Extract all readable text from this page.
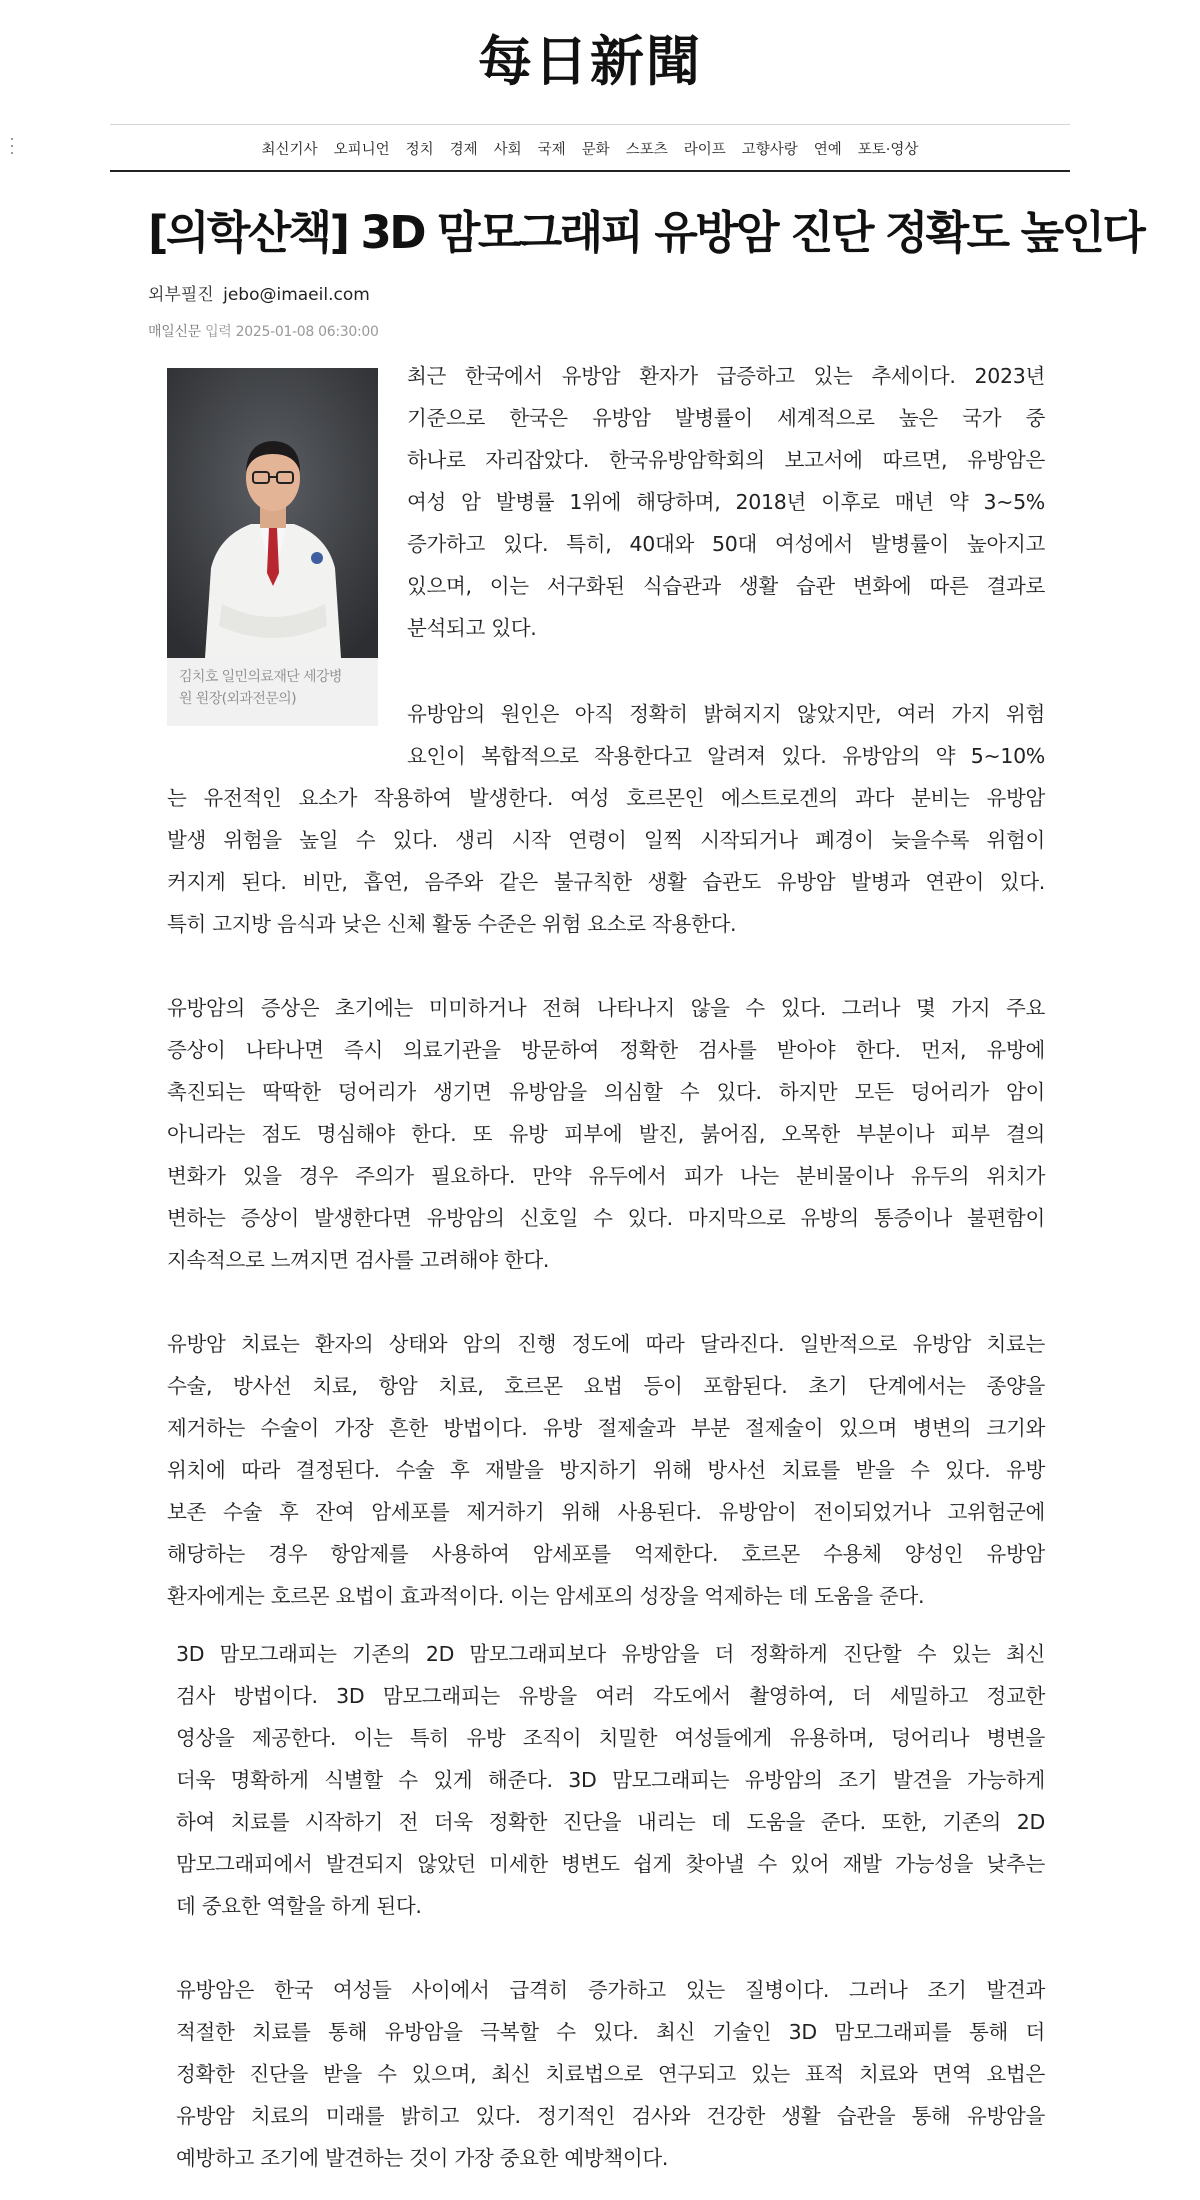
每日新聞
최신기사	오피니언	정치	경제	사회	국제	문화	스포츠	라이프	고향사랑	연예	포토·영상
[의학산책] 3D 맘모그래피 유방암 진단 정확도 높인다
외부필진 jebo@imaeil.com
매일신문 입력 2025-01-08 06:30:00
김치호 일민의료재단 세강병
원 원장(외과전문의)
최근 한국에서 유방암 환자가 급증하고 있는 추세이다. 2023년
기준으로 한국은 유방암 발병률이 세계적으로 높은 국가 중
하나로 자리잡았다. 한국유방암학회의 보고서에 따르면, 유방암은
여성 암 발병률 1위에 해당하며, 2018년 이후로 매년 약 3~5%
증가하고 있다. 특히, 40대와 50대 여성에서 발병률이 높아지고
있으며, 이는 서구화된 식습관과 생활 습관 변화에 따른 결과로
분석되고 있다.
유방암의 원인은 아직 정확히 밝혀지지 않았지만, 여러 가지 위험
요인이 복합적으로 작용한다고 알려져 있다. 유방암의 약 5~10%
는 유전적인 요소가 작용하여 발생한다. 여성 호르몬인 에스트로겐의 과다 분비는 유방암
발생 위험을 높일 수 있다. 생리 시작 연령이 일찍 시작되거나 폐경이 늦을수록 위험이
커지게 된다. 비만, 흡연, 음주와 같은 불규칙한 생활 습관도 유방암 발병과 연관이 있다.
특히 고지방 음식과 낮은 신체 활동 수준은 위험 요소로 작용한다.
유방암의 증상은 초기에는 미미하거나 전혀 나타나지 않을 수 있다. 그러나 몇 가지 주요
증상이 나타나면 즉시 의료기관을 방문하여 정확한 검사를 받아야 한다. 먼저, 유방에
촉진되는 딱딱한 덩어리가 생기면 유방암을 의심할 수 있다. 하지만 모든 덩어리가 암이
아니라는 점도 명심해야 한다. 또 유방 피부에 발진, 붉어짐, 오목한 부분이나 피부 결의
변화가 있을 경우 주의가 필요하다. 만약 유두에서 피가 나는 분비물이나 유두의 위치가
변하는 증상이 발생한다면 유방암의 신호일 수 있다. 마지막으로 유방의 통증이나 불편함이
지속적으로 느껴지면 검사를 고려해야 한다.
유방암 치료는 환자의 상태와 암의 진행 정도에 따라 달라진다. 일반적으로 유방암 치료는
수술, 방사선 치료, 항암 치료, 호르몬 요법 등이 포함된다. 초기 단계에서는 종양을
제거하는 수술이 가장 흔한 방법이다. 유방 절제술과 부분 절제술이 있으며 병변의 크기와
위치에 따라 결정된다. 수술 후 재발을 방지하기 위해 방사선 치료를 받을 수 있다. 유방
보존 수술 후 잔여 암세포를 제거하기 위해 사용된다. 유방암이 전이되었거나 고위험군에
해당하는 경우 항암제를 사용하여 암세포를 억제한다. 호르몬 수용체 양성인 유방암
환자에게는 호르몬 요법이 효과적이다. 이는 암세포의 성장을 억제하는 데 도움을 준다.
3D 맘모그래피는 기존의 2D 맘모그래피보다 유방암을 더 정확하게 진단할 수 있는 최신
검사 방법이다. 3D 맘모그래피는 유방을 여러 각도에서 촬영하여, 더 세밀하고 정교한
영상을 제공한다. 이는 특히 유방 조직이 치밀한 여성들에게 유용하며, 덩어리나 병변을
더욱 명확하게 식별할 수 있게 해준다. 3D 맘모그래피는 유방암의 조기 발견을 가능하게
하여 치료를 시작하기 전 더욱 정확한 진단을 내리는 데 도움을 준다. 또한, 기존의 2D
맘모그래피에서 발견되지 않았던 미세한 병변도 쉽게 찾아낼 수 있어 재발 가능성을 낮추는
데 중요한 역할을 하게 된다.
유방암은 한국 여성들 사이에서 급격히 증가하고 있는 질병이다. 그러나 조기 발견과
적절한 치료를 통해 유방암을 극복할 수 있다. 최신 기술인 3D 맘모그래피를 통해 더
정확한 진단을 받을 수 있으며, 최신 치료법으로 연구되고 있는 표적 치료와 면역 요법은
유방암 치료의 미래를 밝히고 있다. 정기적인 검사와 건강한 생활 습관을 통해 유방암을
예방하고 조기에 발견하는 것이 가장 중요한 예방책이다.
